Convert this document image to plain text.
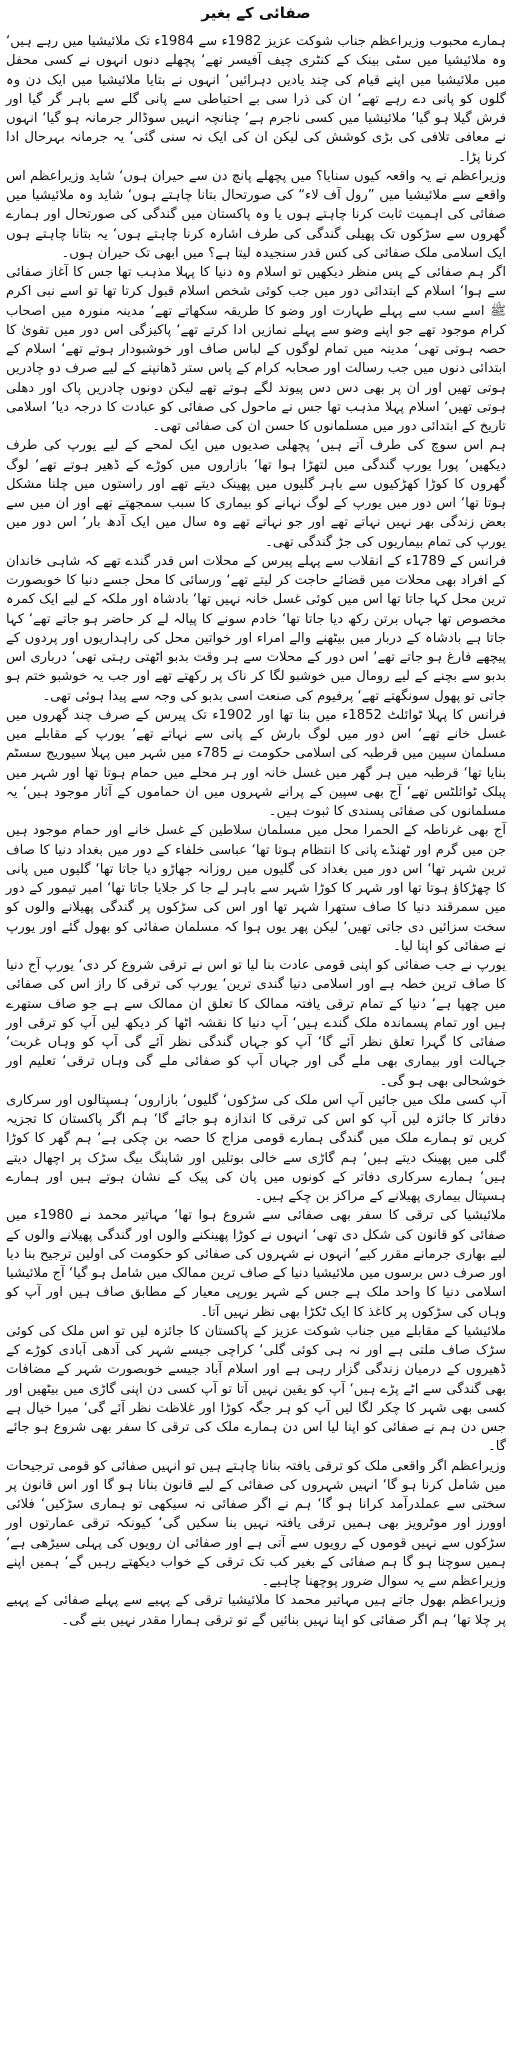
صفائی کے بغیر

ہمارے محبوب وزیراعظم جناب شوکت عزیز 1982ء سے 1984ء تک ملائیشیا میں رہے ہیں‘ وہ ملائیشیا میں سٹی بینک کے کنٹری چیف آفیسر تھے‘ پچھلے دنوں انہوں نے کسی محفل میں ملائیشیا میں اپنے قیام کی چند یادیں دہرائیں‘ انہوں نے بتایا ملائیشیا میں ایک دن وہ گلوں کو پانی دے رہے تھے‘ ان کی ذرا سی بے احتیاطی سے پانی گلے سے باہر گر گیا اور فرش گیلا ہو گیا‘ ملائیشیا میں کسی ناجرم ہے‘ چنانچہ انہیں سوڈالر جرمانہ ہو گیا‘ انہوں نے معافی تلافی کی بڑی کوشش کی لیکن ان کی ایک نہ سنی گئی‘ یہ جرمانہ بہرحال ادا کرنا پڑا۔

وزیراعظم نے یہ واقعہ کیوں سنایا؟ میں پچھلے پانچ دن سے حیران ہوں‘ شاید وزیراعظم اس واقعے سے ملائیشیا میں ”رول آف لاء“ کی صورتحال بتانا چاہتے ہوں‘ شاید وہ ملائیشیا میں صفائی کی اہمیت ثابت کرنا چاہتے ہوں یا وہ پاکستان میں گندگی کی صورتحال اور ہمارے گھروں سے سڑکوں تک پھیلی گندگی کی طرف اشارہ کرنا چاہتے ہوں‘ یہ بتانا چاہتے ہوں ایک اسلامی ملک صفائی کی کس قدر سنجیدہ لیتا ہے؟ میں ابھی تک حیران ہوں۔

اگر ہم صفائی کے پس منظر دیکھیں تو اسلام وہ دنیا کا پہلا مذہب تھا جس کا آغاز صفائی سے ہوا‘ اسلام کے ابتدائی دور میں جب کوئی شخص اسلام قبول کرتا تھا تو اسے نبی اکرم ﷺ اسے سب سے پہلے طہارت اور وضو کا طریقہ سکھاتے تھے‘ مدینہ منورہ میں اصحاب کرام موجود تھے جو اپنے وضو سے پہلے نمازیں ادا کرتے تھے‘ پاکیزگی اس دور میں تقویٰ کا حصہ ہوتی تھی‘ مدینہ میں تمام لوگوں کے لباس صاف اور خوشبودار ہوتے تھے‘ اسلام کے ابتدائی دنوں میں جب رسالت اور صحابہ کرام کے پاس ستر ڈھانپنے کے لیے صرف دو چادریں ہوتی تھیں اور ان پر بھی دس دس پیوند لگے ہوتے تھے لیکن دونوں چادریں پاک اور دھلی ہوتی تھیں‘ اسلام پہلا مذہب تھا جس نے ماحول کی صفائی کو عبادت کا درجہ دیا‘ اسلامی تاریخ کے ابتدائی دور میں مسلمانوں کا حسن ان کی صفائی تھی۔

ہم اس سوچ کی طرف آتے ہیں‘ پچھلی صدیوں میں ایک لمحے کے لیے یورپ کی طرف دیکھیں‘ پورا یورپ گندگی میں لتھڑا ہوا تھا‘ بازاروں میں کوڑے کے ڈھیر ہوتے تھے‘ لوگ گھروں کا کوڑا کھڑکیوں سے باہر گلیوں میں پھینک دیتے تھے اور راستوں میں چلنا مشکل ہوتا تھا‘ اس دور میں یورپ کے لوگ نہانے کو بیماری کا سبب سمجھتے تھے اور ان میں سے بعض زندگی بھر نہیں نہاتے تھے اور جو نہاتے تھے وہ سال میں ایک آدھ بار‘ اس دور میں یورپ کی تمام بیماریوں کی جڑ گندگی تھی۔

فرانس کے 1789ء کے انقلاب سے پہلے پیرس کے محلات اس قدر گندے تھے کہ شاہی خاندان کے افراد بھی محلات میں قضائے حاجت کر لیتے تھے‘ ورسائی کا محل جسے دنیا کا خوبصورت ترین محل کہا جاتا تھا اس میں کوئی غسل خانہ نہیں تھا‘ بادشاہ اور ملکہ کے لیے ایک کمرہ مخصوص تھا جہاں برتن رکھ دیا جاتا تھا‘ خادم سونے کا پیالہ لے کر حاضر ہو جاتے تھے‘ کہا جاتا ہے بادشاہ کے دربار میں بیٹھنے والے امراء اور خواتین محل کی راہداریوں اور پردوں کے پیچھے فارغ ہو جاتے تھے‘ اس دور کے محلات سے ہر وقت بدبو اٹھتی رہتی تھی‘ درباری اس بدبو سے بچنے کے لیے رومال میں خوشبو لگا کر ناک پر رکھتے تھے اور جب یہ خوشبو ختم ہو جاتی تو پھول سونگھتے تھے‘ پرفیوم کی صنعت اسی بدبو کی وجہ سے پیدا ہوئی تھی۔

فرانس کا پہلا ٹوائلٹ 1852ء میں بنا تھا اور 1902ء تک پیرس کے صرف چند گھروں میں غسل خانے تھے‘ اس دور میں لوگ بارش کے پانی سے نہاتے تھے‘ یورپ کے مقابلے میں مسلمان سپین میں قرطبہ کی اسلامی حکومت نے 785ء میں شہر میں پہلا سیوریج سسٹم بنایا تھا‘ قرطبہ میں ہر گھر میں غسل خانہ اور ہر محلے میں حمام ہوتا تھا اور شہر میں پبلک ٹوائلٹس تھے‘ آج بھی سپین کے پرانے شہروں میں ان حماموں کے آثار موجود ہیں‘ یہ مسلمانوں کی صفائی پسندی کا ثبوت ہیں۔

آج بھی غرناطہ کے الحمرا محل میں مسلمان سلاطین کے غسل خانے اور حمام موجود ہیں جن میں گرم اور ٹھنڈے پانی کا انتظام ہوتا تھا‘ عباسی خلفاء کے دور میں بغداد دنیا کا صاف ترین شہر تھا‘ اس دور میں بغداد کی گلیوں میں روزانہ جھاڑو دیا جاتا تھا‘ گلیوں میں پانی کا چھڑکاؤ ہوتا تھا اور شہر کا کوڑا شہر سے باہر لے جا کر جلایا جاتا تھا‘ امیر تیمور کے دور میں سمرقند دنیا کا صاف ستھرا شہر تھا اور اس کی سڑکوں پر گندگی پھیلانے والوں کو سخت سزائیں دی جاتی تھیں‘ لیکن پھر یوں ہوا کہ مسلمان صفائی کو بھول گئے اور یورپ نے صفائی کو اپنا لیا۔

یورپ نے جب صفائی کو اپنی قومی عادت بنا لیا تو اس نے ترقی شروع کر دی‘ یورپ آج دنیا کا صاف ترین خطہ ہے اور اسلامی دنیا گندی ترین‘ یورپ کی ترقی کا راز اس کی صفائی میں چھپا ہے‘ دنیا کے تمام ترقی یافتہ ممالک کا تعلق ان ممالک سے ہے جو صاف ستھرے ہیں اور تمام پسماندہ ملک گندے ہیں‘ آپ دنیا کا نقشہ اٹھا کر دیکھ لیں آپ کو ترقی اور صفائی کا گہرا تعلق نظر آئے گا‘ آپ کو جہاں گندگی نظر آئے گی آپ کو وہاں غربت‘ جہالت اور بیماری بھی ملے گی اور جہاں آپ کو صفائی ملے گی وہاں ترقی‘ تعلیم اور خوشحالی بھی ہو گی۔

آپ کسی ملک میں جائیں آپ اس ملک کی سڑکوں‘ گلیوں‘ بازاروں‘ ہسپتالوں اور سرکاری دفاتر کا جائزہ لیں آپ کو اس کی ترقی کا اندازہ ہو جائے گا‘ ہم اگر پاکستان کا تجزیہ کریں تو ہمارے ملک میں گندگی ہمارے قومی مزاج کا حصہ بن چکی ہے‘ ہم گھر کا کوڑا گلی میں پھینک دیتے ہیں‘ ہم گاڑی سے خالی بوتلیں اور شاپنگ بیگ سڑک پر اچھال دیتے ہیں‘ ہمارے سرکاری دفاتر کے کونوں میں پان کی پیک کے نشان ہوتے ہیں اور ہمارے ہسپتال بیماری پھیلانے کے مراکز بن چکے ہیں۔

ملائیشیا کی ترقی کا سفر بھی صفائی سے شروع ہوا تھا‘ مہاتیر محمد نے 1980ء میں صفائی کو قانون کی شکل دی تھی‘ انہوں نے کوڑا پھینکنے والوں اور گندگی پھیلانے والوں کے لیے بھاری جرمانے مقرر کیے‘ انہوں نے شہروں کی صفائی کو حکومت کی اولین ترجیح بنا دیا اور صرف دس برسوں میں ملائیشیا دنیا کے صاف ترین ممالک میں شامل ہو گیا‘ آج ملائیشیا اسلامی دنیا کا واحد ملک ہے جس کے شہر یورپی معیار کے مطابق صاف ہیں اور آپ کو وہاں کی سڑکوں پر کاغذ کا ایک ٹکڑا بھی نظر نہیں آتا۔

ملائیشیا کے مقابلے میں جناب شوکت عزیز کے پاکستان کا جائزہ لیں تو اس ملک کی کوئی سڑک صاف ملتی ہے اور نہ ہی کوئی گلی‘ کراچی جیسے شہر کی آدھی آبادی کوڑے کے ڈھیروں کے درمیان زندگی گزار رہی ہے اور اسلام آباد جیسے خوبصورت شہر کے مضافات بھی گندگی سے اٹے پڑے ہیں‘ آپ کو یقین نہیں آتا تو آپ کسی دن اپنی گاڑی میں بیٹھیں اور کسی بھی شہر کا چکر لگا لیں آپ کو ہر جگہ کوڑا اور غلاظت نظر آئے گی‘ میرا خیال ہے جس دن ہم نے صفائی کو اپنا لیا اس دن ہمارے ملک کی ترقی کا سفر بھی شروع ہو جائے گا۔

وزیراعظم اگر واقعی ملک کو ترقی یافتہ بنانا چاہتے ہیں تو انہیں صفائی کو قومی ترجیحات میں شامل کرنا ہو گا‘ انہیں شہروں کی صفائی کے لیے قانون بنانا ہو گا اور اس قانون پر سختی سے عملدرآمد کرانا ہو گا‘ ہم نے اگر صفائی نہ سیکھی تو ہماری سڑکیں‘ فلائی اوورز اور موٹرویز بھی ہمیں ترقی یافتہ نہیں بنا سکیں گی‘ کیونکہ ترقی عمارتوں اور سڑکوں سے نہیں قوموں کے رویوں سے آتی ہے اور صفائی ان رویوں کی پہلی سیڑھی ہے‘ ہمیں سوچنا ہو گا ہم صفائی کے بغیر کب تک ترقی کے خواب دیکھتے رہیں گے‘ ہمیں اپنے وزیراعظم سے یہ سوال ضرور پوچھنا چاہیے۔

وزیراعظم بھول جاتے ہیں مہاتیر محمد کا ملائیشیا ترقی کے پہیے سے پہلے صفائی کے پہیے پر چلا تھا‘ ہم اگر صفائی کو اپنا نہیں بنائیں گے تو ترقی ہمارا مقدر نہیں بنے گی۔
